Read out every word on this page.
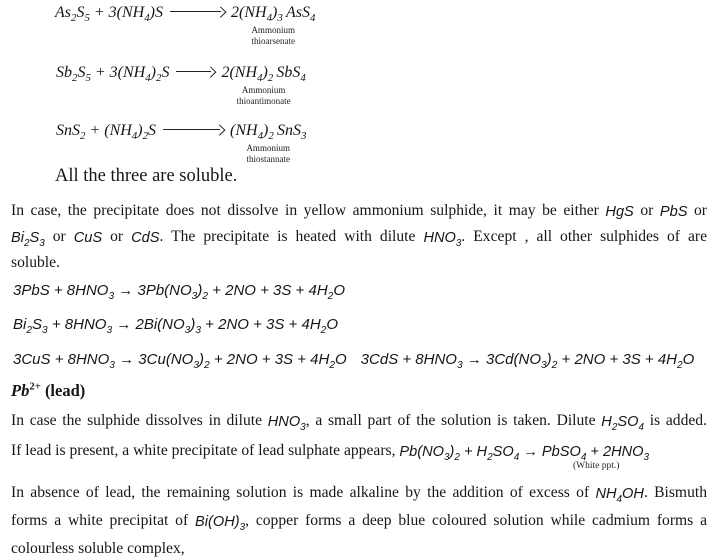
$As_2S_5 + 3(NH_4)S$	$2(NH_4)_3$ AsS$_4$
Ammonium
thioarsenate
$Sb_2S_5 + 3(NH_4)_2S$	$2(NH_4)_2$ SbS$_4$
Ammonium
thioantimonate
$SnS_2 + (NH_4)_2S$	$(NH_4)_2$ SnS$_3$
Ammonium
thiostannate
All the three are soluble.
In case, the precipitate does not dissolve in yellow ammonium sulphide, it may be either HgS or PbS or
$Bi_2S_3$ or CuS or CdS. The precipitate is heated with dilute $HNO_3$. Except , all other sulphides of are
soluble.
$3PbS + 8HNO_3 \to 3Pb(NO_3)_2 + 2NO + 3S + 4H_2O$
$Bi_2S_3 + 8HNO_3 \to 2Bi(NO_3)_3 + 2NO + 3S + 4H_2O$
$3CuS + 8HNO_3 \to 3Cu(NO_3)_2 + 2NO + 3S + 4H_2O$ $3CdS + 8HNO_3 \to 3Cd(NO_3)_2 + 2NO + 3S + 4H_2O$
$Pb^{2+}$ (lead)
In case the sulphide dissolves in dilute $HNO_3$, a small part of the solution is taken. Dilute $H_2SO_4$ is added.
If lead is present, a white precipitate of lead sulphate appears, $Pb(NO_3)_2 + H_2SO_4$ → PbSO$_4$ + $2HNO_3$
(White ppt.)
In absence of lead, the remaining solution is made alkaline by the addition of excess of $NH_4OH$. Bismuth
forms a white precipitat of $Bi(OH)_3$, copper forms a deep blue coloured solution while cadmium forms a
colourless soluble complex,
